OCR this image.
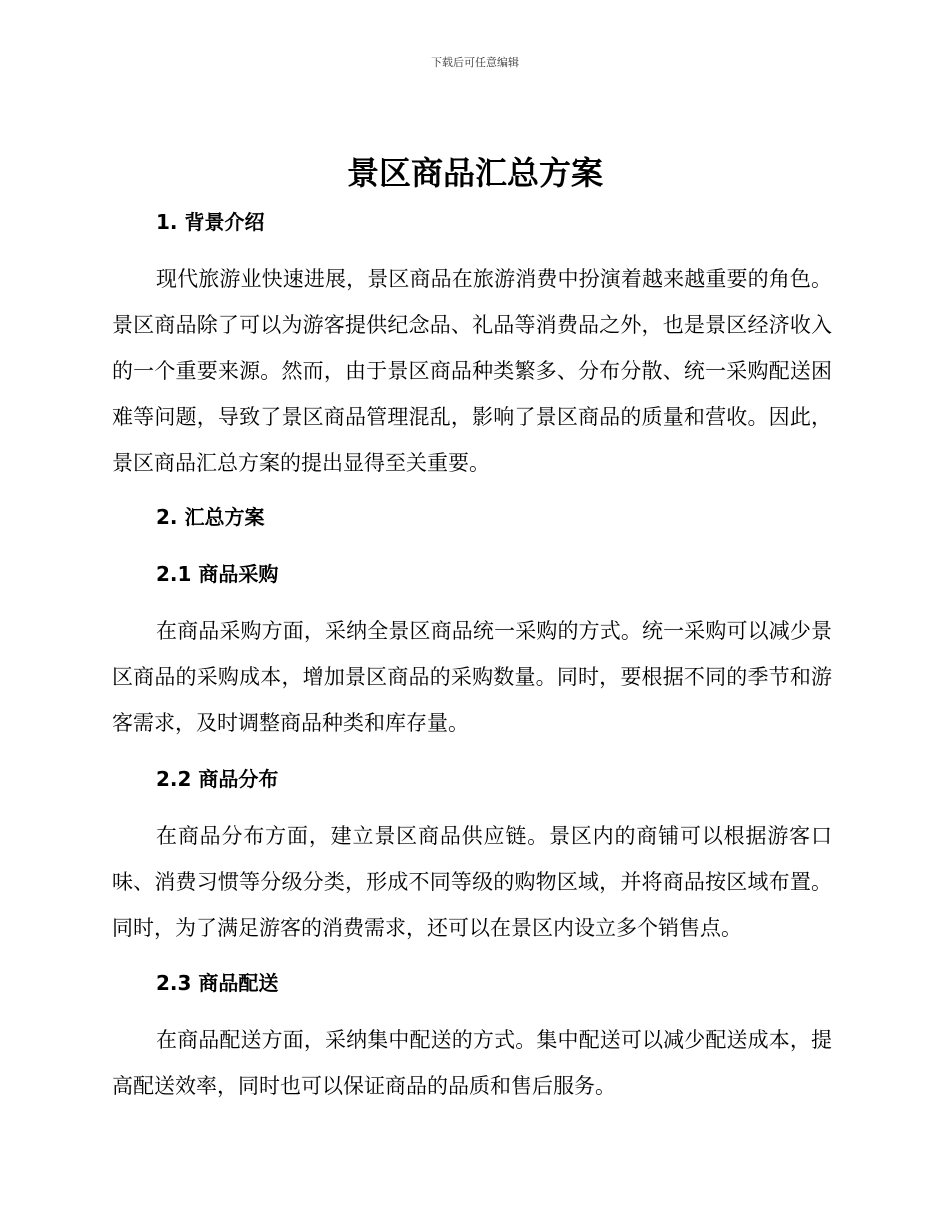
下载后可任意编辑
景区商品汇总方案
1. 背景介绍
现代旅游业快速进展，景区商品在旅游消费中扮演着越来越重要的角色。景区商品除了可以为游客提供纪念品、礼品等消费品之外，也是景区经济收入的一个重要来源。然而，由于景区商品种类繁多、分布分散、统一采购配送困难等问题，导致了景区商品管理混乱，影响了景区商品的质量和营收。因此，景区商品汇总方案的提出显得至关重要。
2. 汇总方案
2.1 商品采购
在商品采购方面，采纳全景区商品统一采购的方式。统一采购可以减少景区商品的采购成本，增加景区商品的采购数量。同时，要根据不同的季节和游客需求，及时调整商品种类和库存量。
2.2 商品分布
在商品分布方面，建立景区商品供应链。景区内的商铺可以根据游客口味、消费习惯等分级分类，形成不同等级的购物区域，并将商品按区域布置。同时，为了满足游客的消费需求，还可以在景区内设立多个销售点。
2.3 商品配送
在商品配送方面，采纳集中配送的方式。集中配送可以减少配送成本，提高配送效率，同时也可以保证商品的品质和售后服务。
